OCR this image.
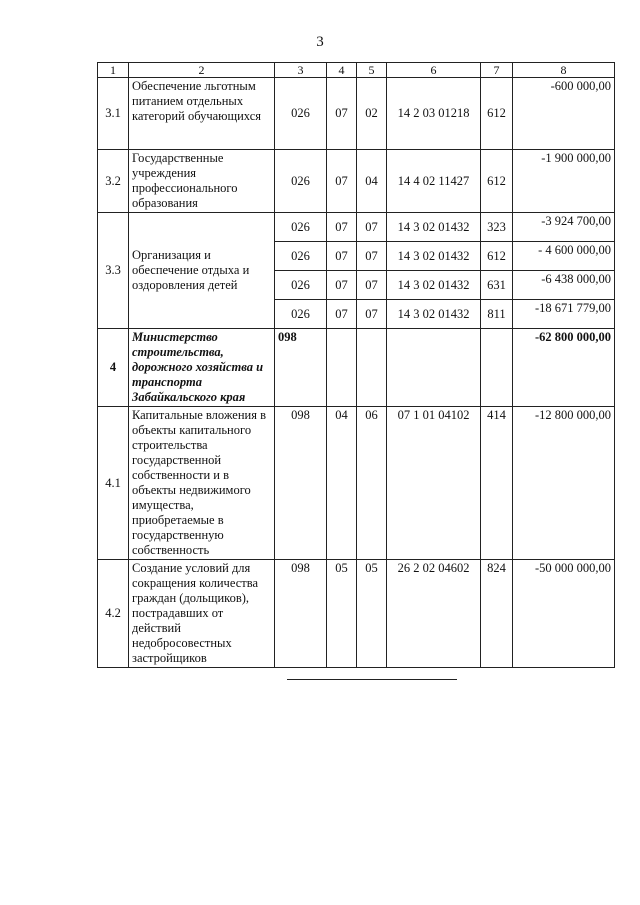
3
1	2	3	4	5	6	7	8
3.1	Обеспечение льготным питанием отдельных категорий обучающихся	026	07	02	14 2 03 01218	612	-600 000,00
3.2	Государственные учреждения профессионального образования	026	07	04	14 4 02 11427	612	-1 900 000,00
3.3	Организация и обеспечение отдыха и оздоровления детей	026	07	07	14 3 02 01432	323	-3 924 700,00
		026	07	07	14 3 02 01432	612	- 4 600 000,00
		026	07	07	14 3 02 01432	631	-6 438 000,00
		026	07	07	14 3 02 01432	811	-18 671 779,00
4	Министерство строительства, дорожного хозяйства и транспорта Забайкальского края	098					-62 800 000,00
4.1	Капитальные вложения в объекты капитального строительства государственной собственности и в объекты недвижимого имущества, приобретаемые в государственную собственность	098	04	06	07 1 01 04102	414	-12 800 000,00
4.2	Создание условий для сокращения количества граждан (дольщиков), пострадавших от действий недобросовестных застройщиков	098	05	05	26 2 02 04602	824	-50 000 000,00
